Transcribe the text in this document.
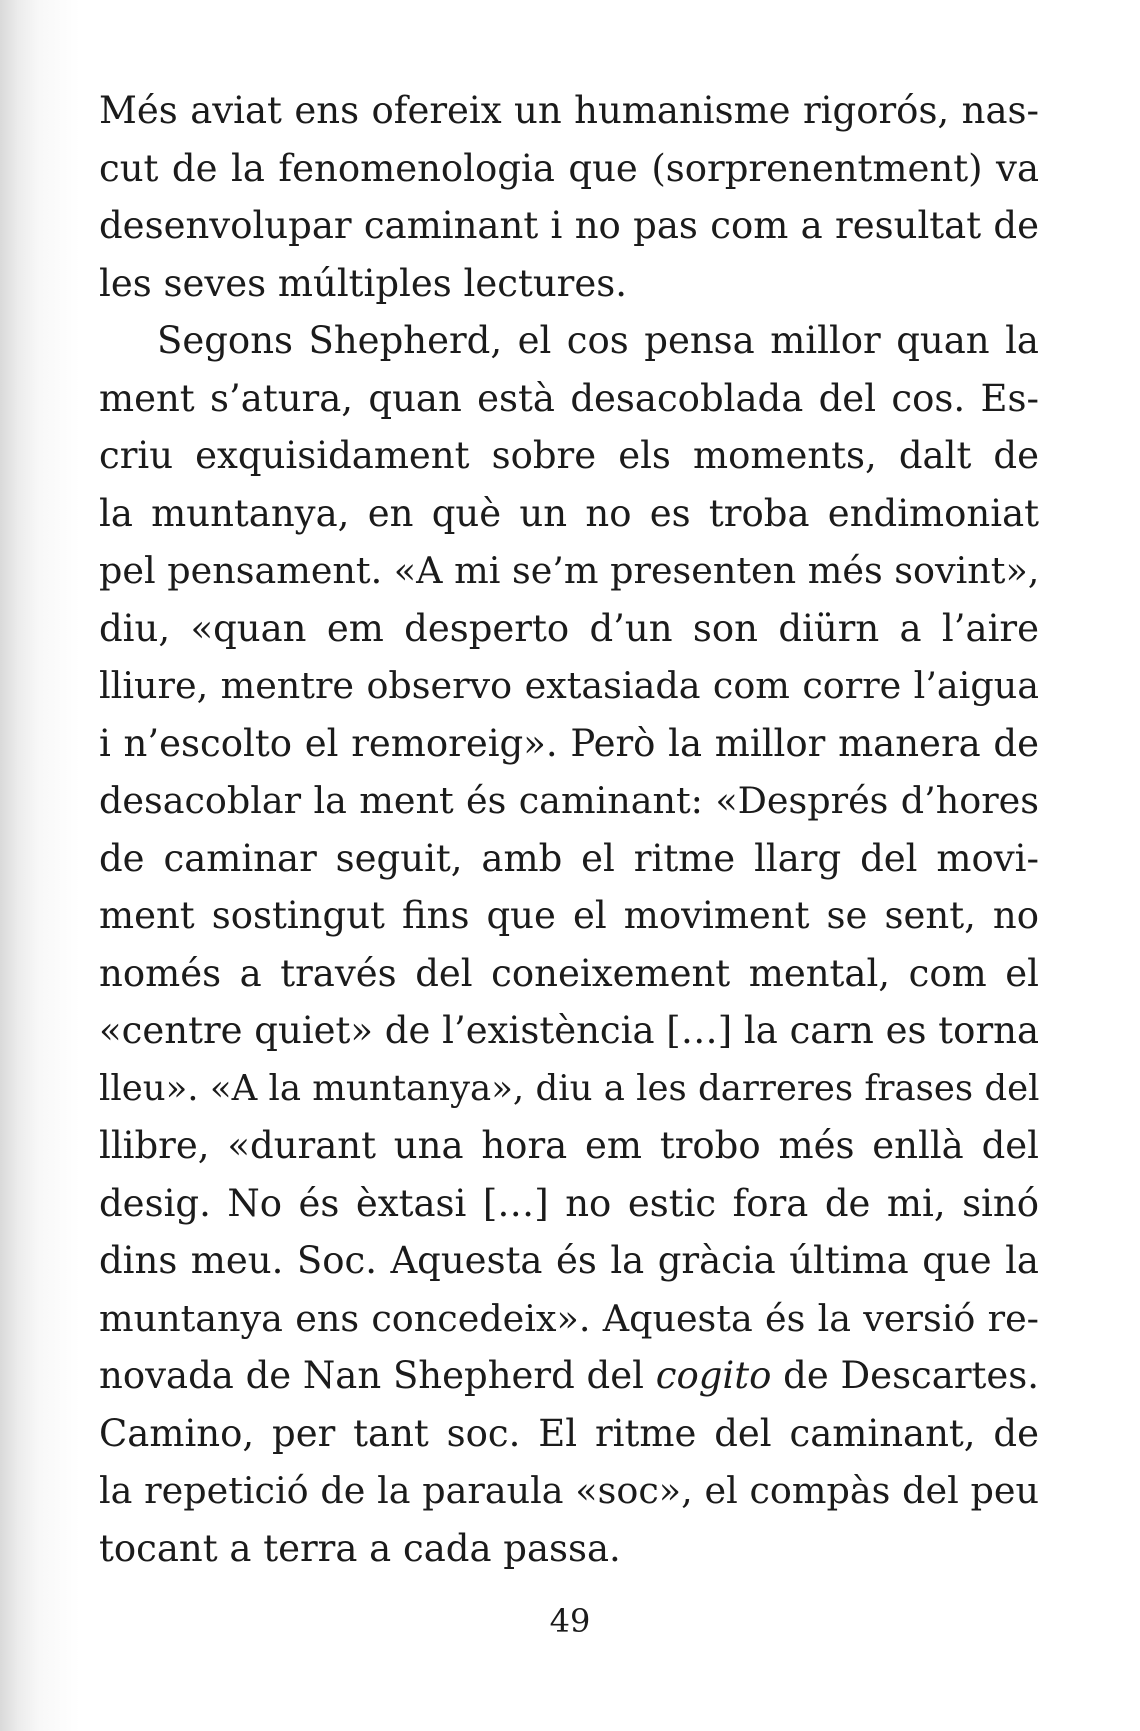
Més aviat ens ofereix un humanisme rigorós, nas-
cut de la fenomenologia que (sorprenentment) va
desenvolupar caminant i no pas com a resultat de
les seves múltiples lectures.
Segons Shepherd, el cos pensa millor quan la
ment s’atura, quan està desacoblada del cos. Es-
criu exquisidament sobre els moments, dalt de
la muntanya, en què un no es troba endimoniat
pel pensament. «A mi se’m presenten més sovint»,
diu, «quan em desperto d’un son diürn a l’aire
lliure, mentre observo extasiada com corre l’aigua
i n’escolto el remoreig». Però la millor manera de
desacoblar la ment és caminant: «Després d’hores
de caminar seguit, amb el ritme llarg del movi-
ment sostingut fins que el moviment se sent, no
només a través del coneixement mental, com el
«centre quiet» de l’existència […] la carn es torna
lleu». «A la muntanya», diu a les darreres frases del
llibre, «durant una hora em trobo més enllà del
desig. No és èxtasi […] no estic fora de mi, sinó
dins meu. Soc. Aquesta és la gràcia última que la
muntanya ens concedeix». Aquesta és la versió re-
novada de Nan Shepherd del cogito de Descartes.
Camino, per tant soc. El ritme del caminant, de
la repetició de la paraula «soc», el compàs del peu
tocant a terra a cada passa.
49
